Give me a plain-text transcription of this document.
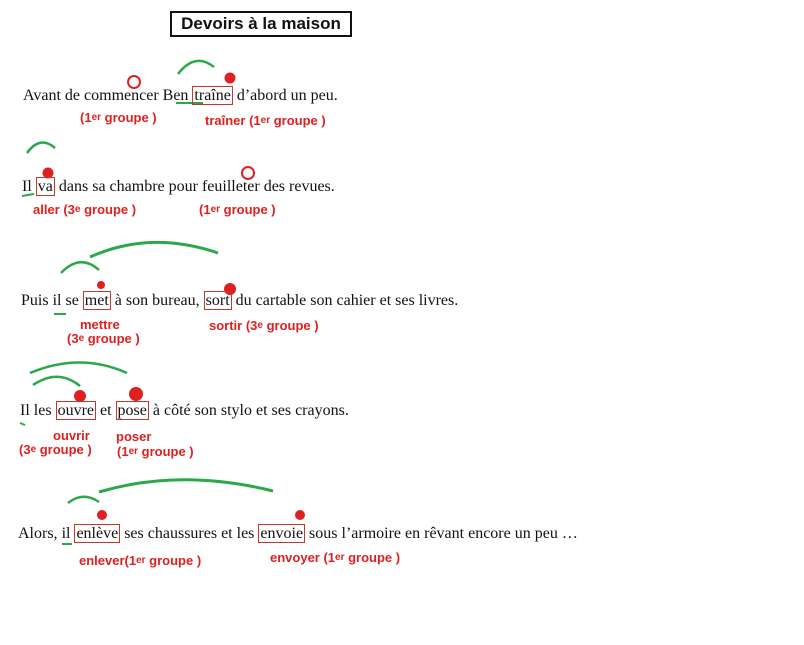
Devoirs à la maison
Avant de commencer Ben traîne d’abord un peu.
(1er groupe )	traîner (1er groupe )
Il va dans sa chambre pour feuilleter des revues.
aller (3e groupe )	(1er groupe )
Puis il se met à son bureau, sort du cartable son cahier et ses livres.
mettre
(3e groupe )
sortir (3e groupe )
Il les ouvre et pose à côté son stylo et ses crayons.
ouvrir
(3e groupe )
poser
(1er groupe )
Alors, il enlève ses chaussures et les envoie sous l’armoire en rêvant encore un peu …
enlever(1er groupe )	envoyer (1er groupe )
